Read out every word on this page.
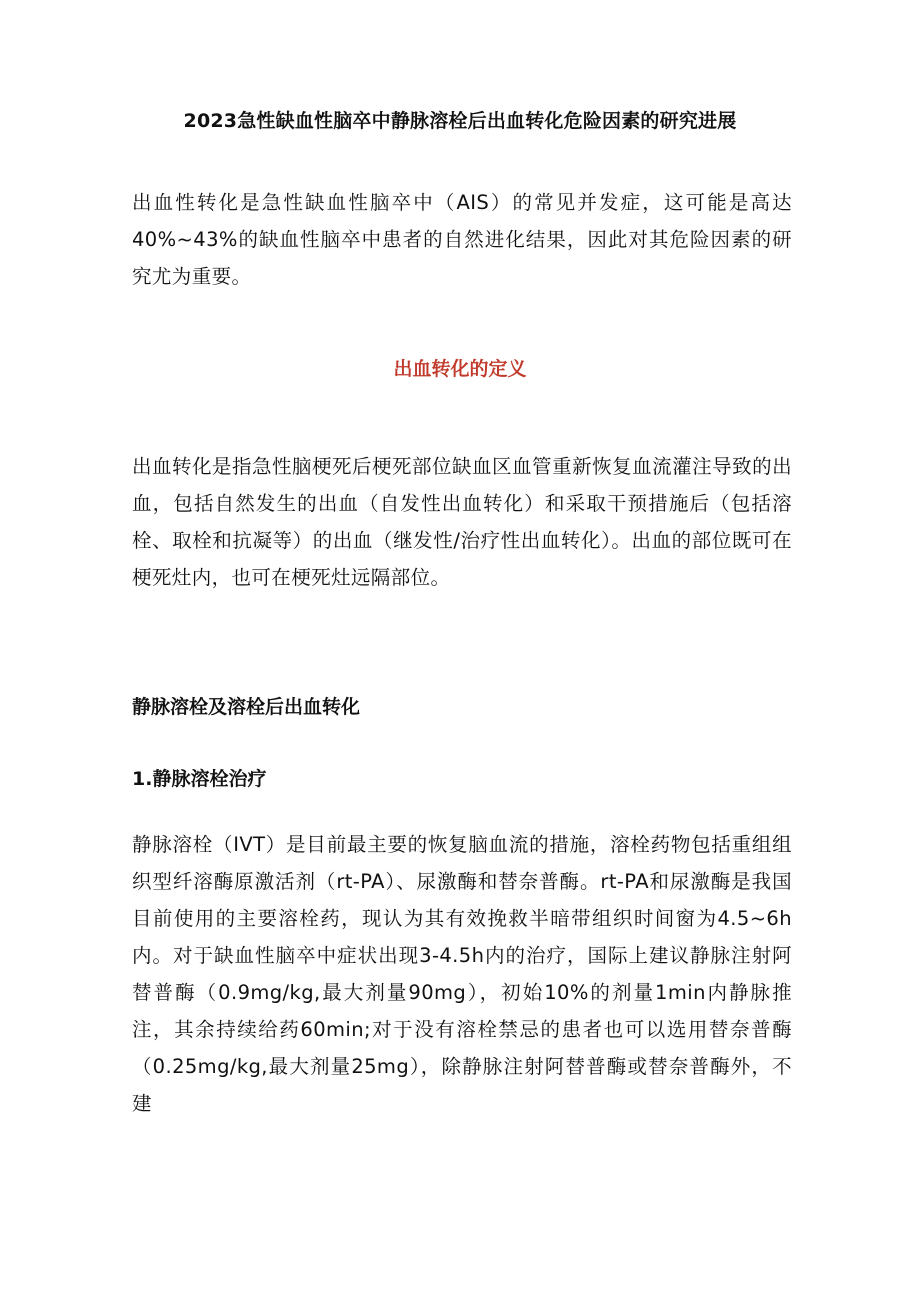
2023急性缺血性脑卒中静脉溶栓后出血转化危险因素的研究进展
出血性转化是急性缺血性脑卒中（AIS）的常见并发症，这可能是高达40%~43%的缺血性脑卒中患者的自然进化结果，因此对其危险因素的研究尤为重要。
出血转化的定义
出血转化是指急性脑梗死后梗死部位缺血区血管重新恢复血流灌注导致的出血，包括自然发生的出血（自发性出血转化）和采取干预措施后（包括溶栓、取栓和抗凝等）的出血（继发性/治疗性出血转化）。出血的部位既可在梗死灶内，也可在梗死灶远隔部位。
静脉溶栓及溶栓后出血转化
1.静脉溶栓治疗
静脉溶栓（IVT）是目前最主要的恢复脑血流的措施，溶栓药物包括重组组织型纤溶酶原激活剂（rt-PA）、尿激酶和替奈普酶。rt-PA和尿激酶是我国目前使用的主要溶栓药，现认为其有效挽救半暗带组织时间窗为4.5~6h内。对于缺血性脑卒中症状出现3-4.5h内的治疗，国际上建议静脉注射阿替普酶（0.9mg/kg,最大剂量90mg），初始10%的剂量1min内静脉推注，其余持续给药60min;对于没有溶栓禁忌的患者也可以选用替奈普酶（0.25mg/kg,最大剂量25mg），除静脉注射阿替普酶或替奈普酶外，不建
